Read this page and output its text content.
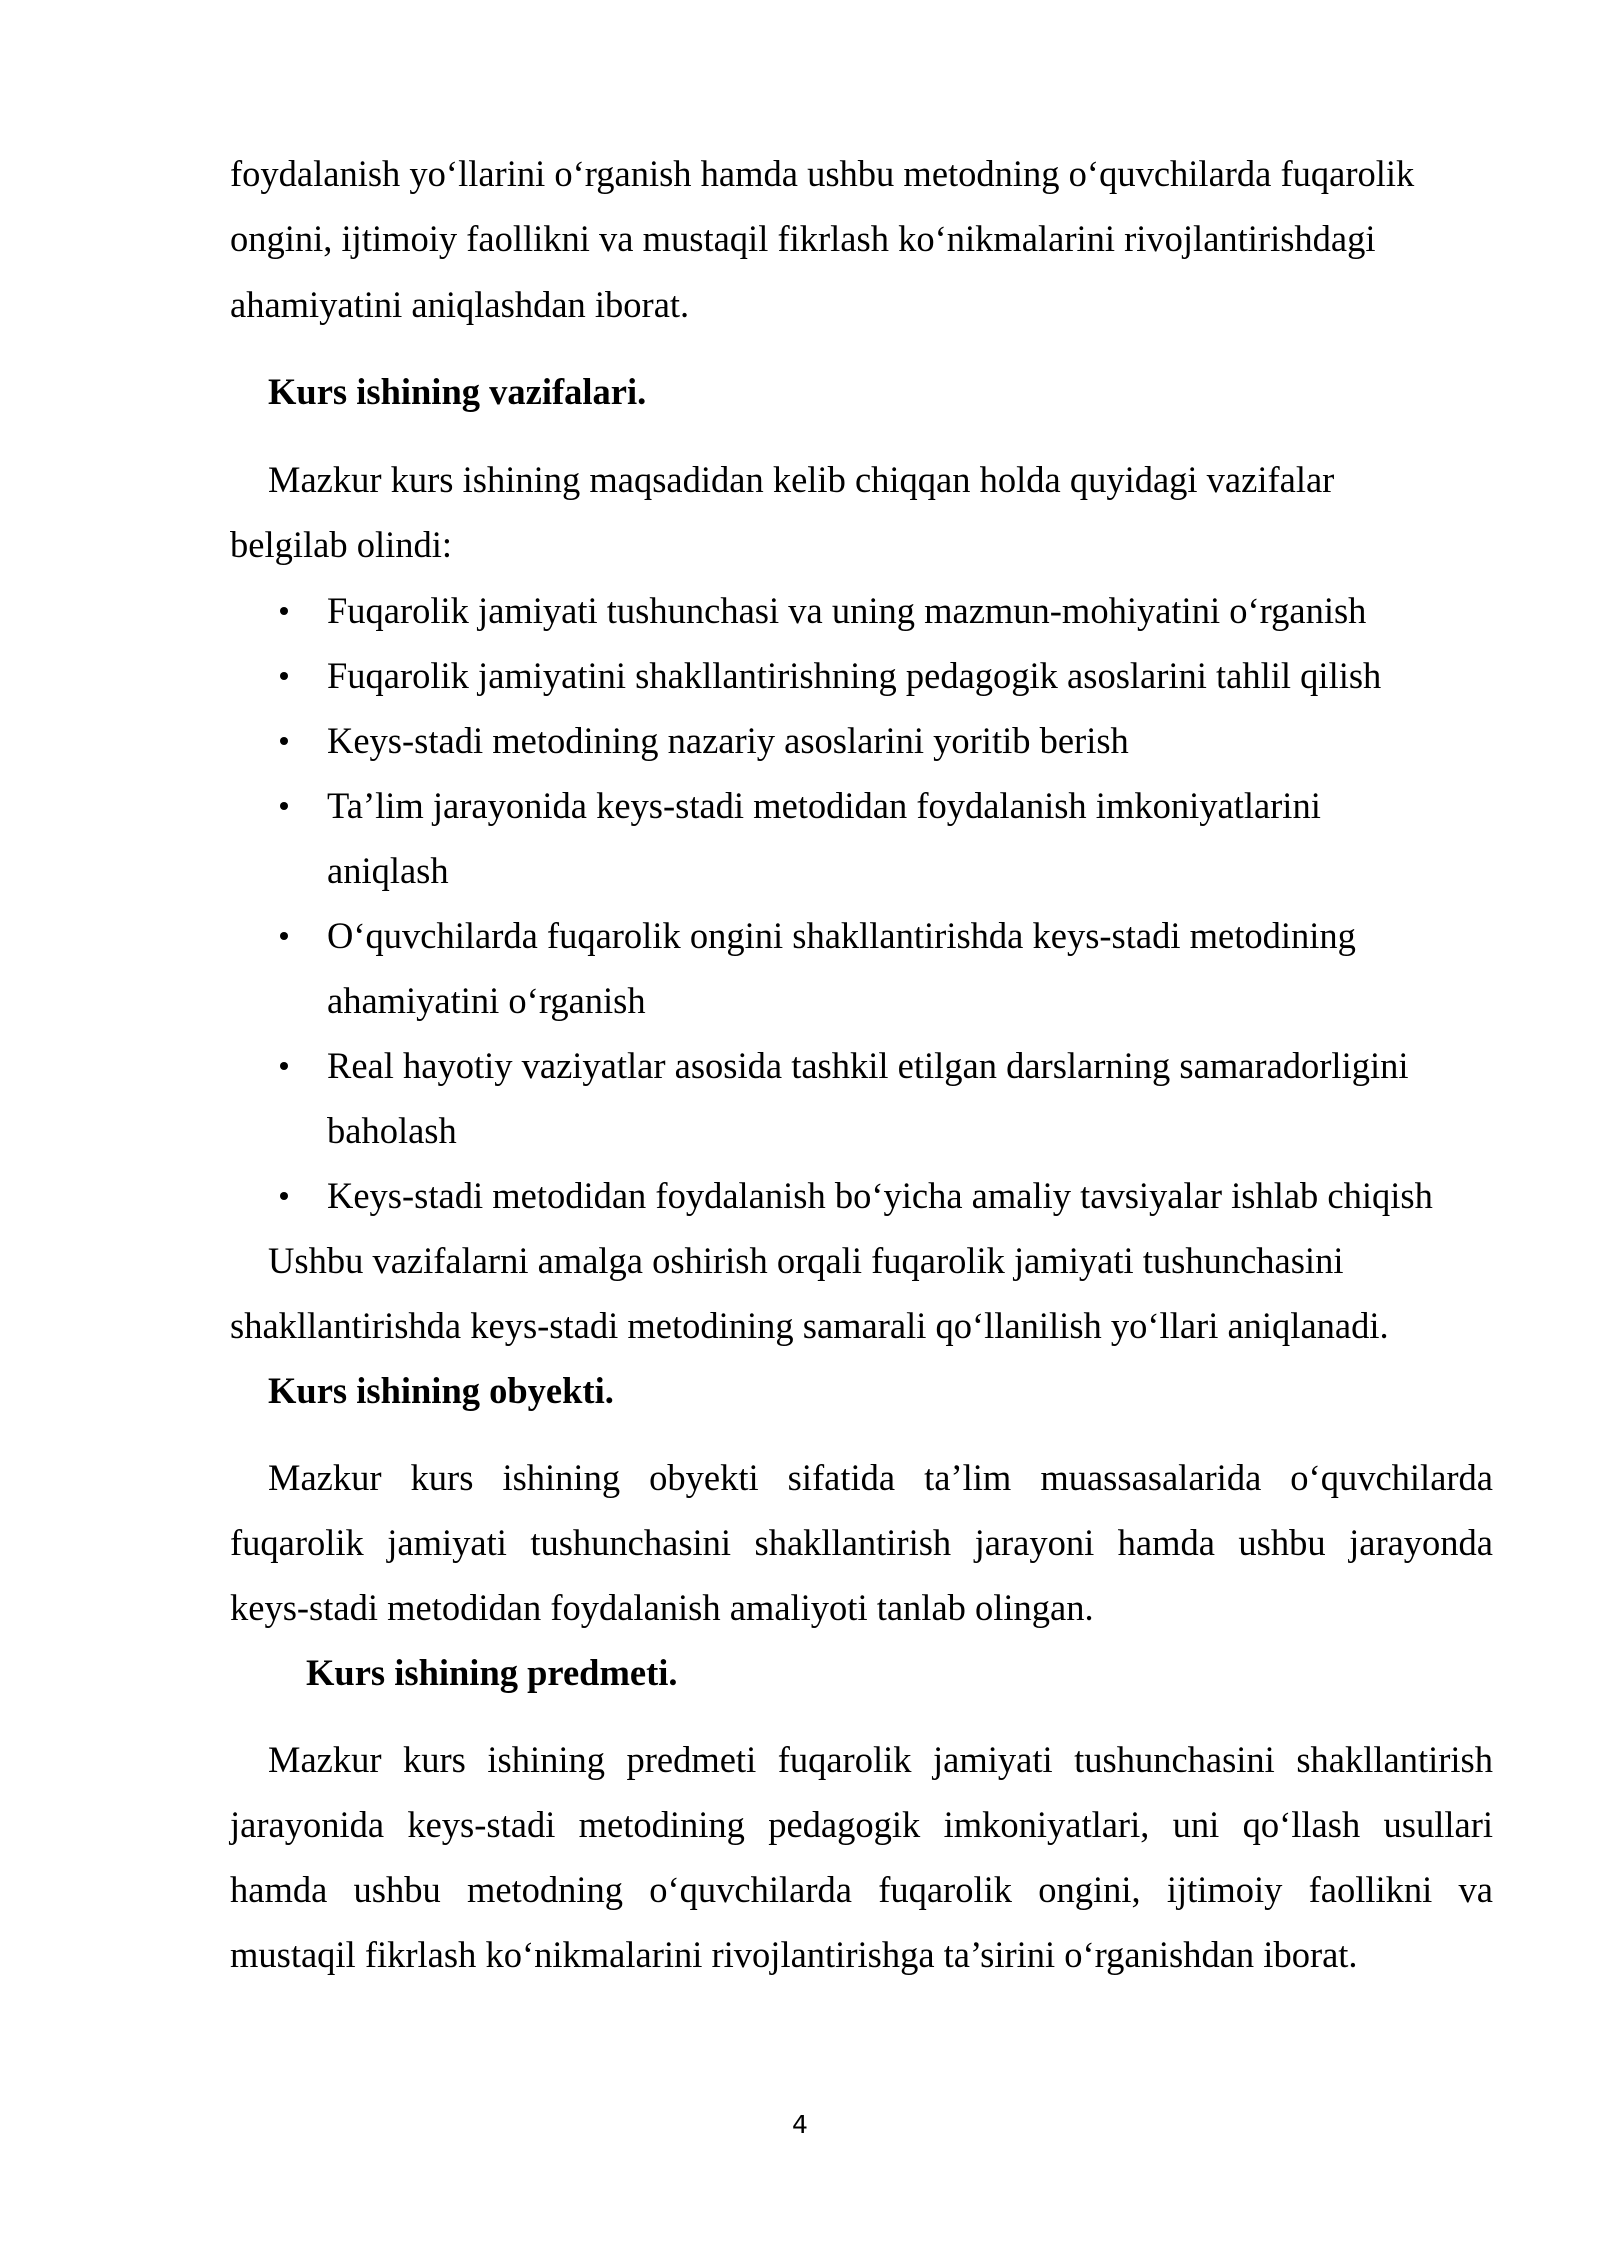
foydalanish yo‘llarini o‘rganish hamda ushbu metodning o‘quvchilarda fuqarolik
ongini, ijtimoiy faollikni va mustaqil fikrlash ko‘nikmalarini rivojlantirishdagi
ahamiyatini aniqlashdan iborat.
Kurs ishining vazifalari.
Mazkur kurs ishining maqsadidan kelib chiqqan holda quyidagi vazifalar
belgilab olindi:
Fuqarolik jamiyati tushunchasi va uning mazmun-mohiyatini o‘rganish
Fuqarolik jamiyatini shakllantirishning pedagogik asoslarini tahlil qilish
Keys-stadi metodining nazariy asoslarini yoritib berish
Ta’lim jarayonida keys-stadi metodidan foydalanish imkoniyatlarini
aniqlash
O‘quvchilarda fuqarolik ongini shakllantirishda keys-stadi metodining
ahamiyatini o‘rganish
Real hayotiy vaziyatlar asosida tashkil etilgan darslarning samaradorligini
baholash
Keys-stadi metodidan foydalanish bo‘yicha amaliy tavsiyalar ishlab chiqish
Ushbu vazifalarni amalga oshirish orqali fuqarolik jamiyati tushunchasini
shakllantirishda keys-stadi metodining samarali qo‘llanilish yo‘llari aniqlanadi.
Kurs ishining obyekti.
Mazkur kurs ishining obyekti sifatida ta’lim muassasalarida o‘quvchilarda
fuqarolik jamiyati tushunchasini shakllantirish jarayoni hamda ushbu jarayonda
keys-stadi metodidan foydalanish amaliyoti tanlab olingan.
Kurs ishining predmeti.
Mazkur kurs ishining predmeti fuqarolik jamiyati tushunchasini shakllantirish
jarayonida keys-stadi metodining pedagogik imkoniyatlari, uni qo‘llash usullari
hamda ushbu metodning o‘quvchilarda fuqarolik ongini, ijtimoiy faollikni va
mustaqil fikrlash ko‘nikmalarini rivojlantirishga ta’sirini o‘rganishdan iborat.
4
